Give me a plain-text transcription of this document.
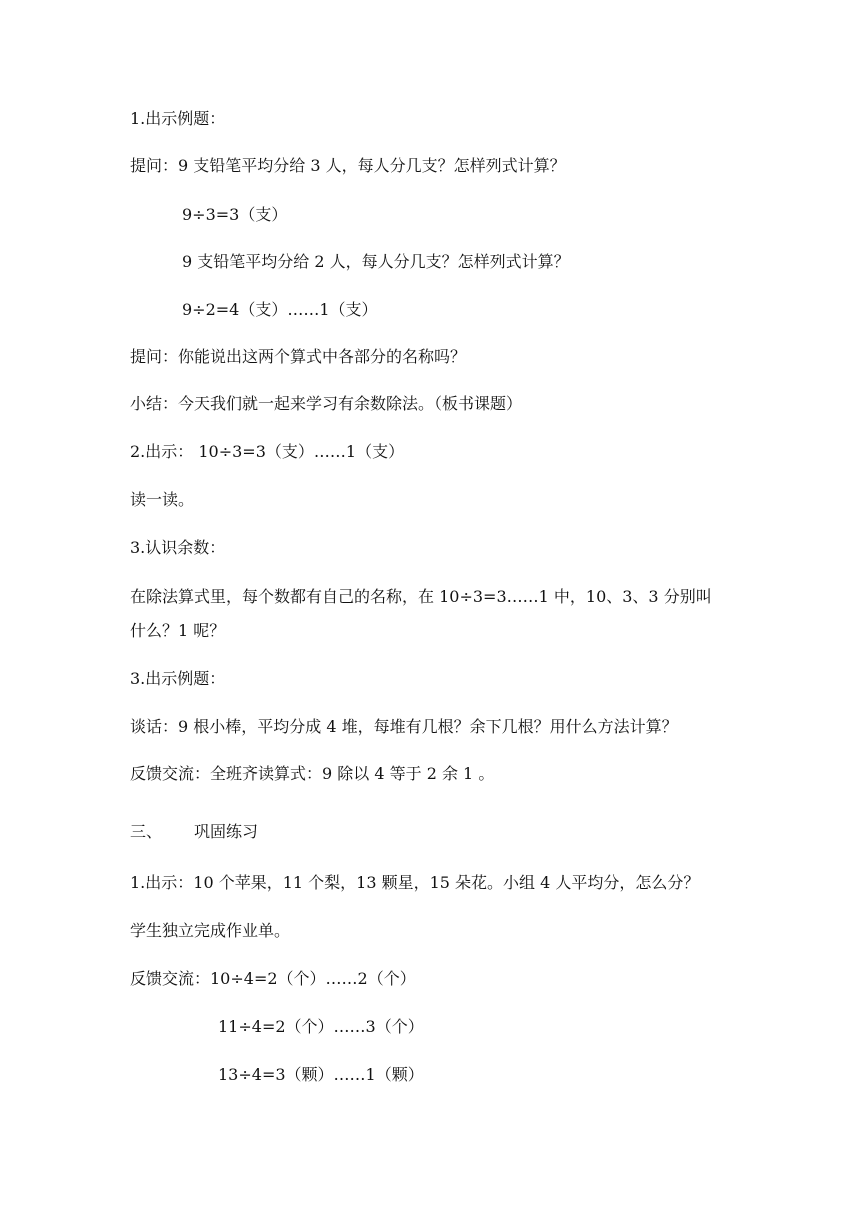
1.出示例题：
提问：9 支铅笔平均分给 3 人，每人分几支？怎样列式计算？
9÷3=3（支）
9 支铅笔平均分给 2 人，每人分几支？怎样列式计算？
9÷2=4（支）……1（支）
提问：你能说出这两个算式中各部分的名称吗？
小结：今天我们就一起来学习有余数除法。（板书课题）
2.出示： 10÷3=3（支）……1（支）
读一读。
3.认识余数：
在除法算式里，每个数都有自己的名称，在 10÷3=3……1 中，10、3、3 分别叫
什么？1 呢？
3.出示例题：
谈话：9 根小棒，平均分成 4 堆，每堆有几根？余下几根？用什么方法计算？
反馈交流：全班齐读算式：9 除以 4 等于 2 余 1 。
三、 巩固练习
1.出示：10 个苹果，11 个梨，13 颗星，15 朵花。小组 4 人平均分，怎么分？
学生独立完成作业单。
反馈交流：10÷4=2（个）……2（个）
11÷4=2（个）……3（个）
13÷4=3（颗）……1（颗）
